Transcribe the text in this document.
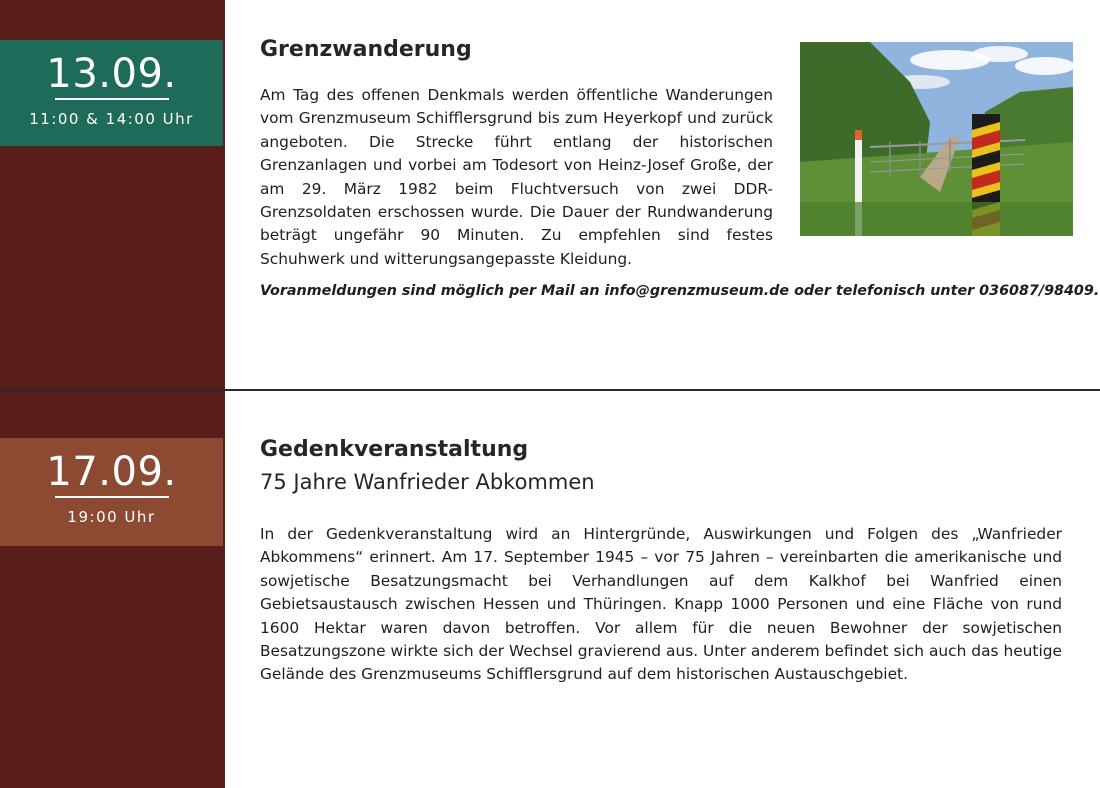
13.09.
11:00 & 14:00 Uhr
17.09.
19:00 Uhr
Grenzwanderung

Am Tag des offenen Denkmals werden öffentliche Wanderungen vom Grenzmuseum Schifflersgrund bis zum Heyerkopf und zurück angeboten. Die Strecke führt entlang der historischen Grenzanlagen und vorbei am Todesort von Heinz-Josef Große, der am 29. März 1982 beim Fluchtversuch von zwei DDR-Grenzsoldaten erschossen wurde. Die Dauer der Rundwanderung beträgt ungefähr 90 Minuten. Zu empfehlen sind festes Schuhwerk und witterungsangepasste Kleidung.

Voranmeldungen sind möglich per Mail an info@grenzmuseum.de oder telefonisch unter 036087/98409.

Gedenkveranstaltung
75 Jahre Wanfrieder Abkommen

In der Gedenkveranstaltung wird an Hintergründe, Auswirkungen und Folgen des „Wanfrieder Abkommens“ erinnert. Am 17. September 1945 – vor 75 Jahren – vereinbarten die amerikanische und sowjetische Besatzungsmacht bei Verhandlungen auf dem Kalkhof bei Wanfried einen Gebietsaustausch zwischen Hessen und Thüringen. Knapp 1000 Personen und eine Fläche von rund 1600 Hektar waren davon betroffen. Vor allem für die neuen Bewohner der sowjetischen Besatzungszone wirkte sich der Wechsel gravierend aus. Unter anderem befindet sich auch das heutige Gelände des Grenzmuseums Schifflersgrund auf dem historischen Austauschgebiet.
